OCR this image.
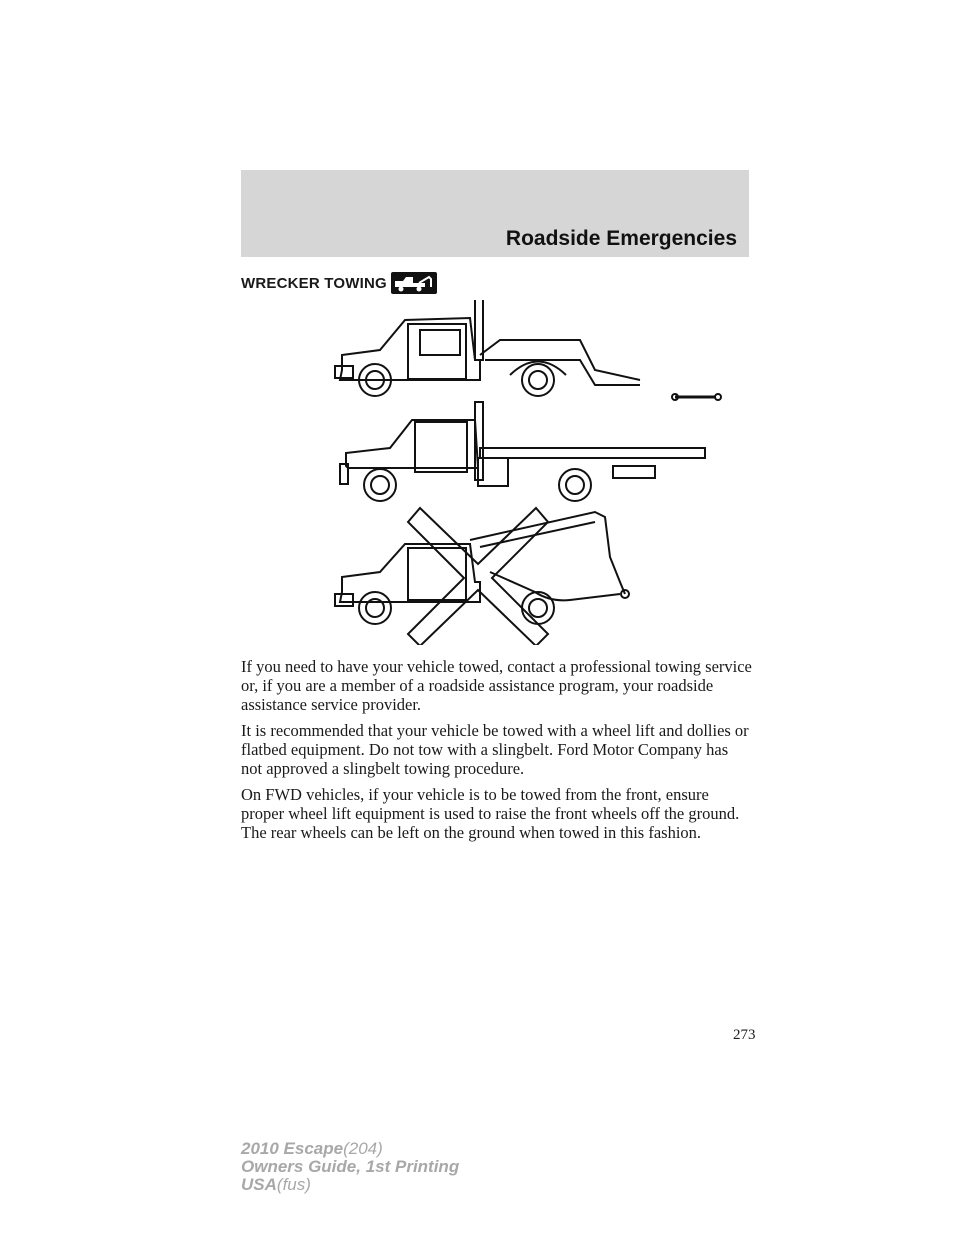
Roadside Emergencies
WRECKER TOWING

If you need to have your vehicle towed, contact a professional towing service or, if you are a member of a roadside assistance program, your roadside assistance service provider.

It is recommended that your vehicle be towed with a wheel lift and dollies or flatbed equipment. Do not tow with a slingbelt. Ford Motor Company has not approved a slingbelt towing procedure.

On FWD vehicles, if your vehicle is to be towed from the front, ensure proper wheel lift equipment is used to raise the front wheels off the ground. The rear wheels can be left on the ground when towed in this fashion.

273
2010 Escape(204)
Owners Guide, 1st Printing
USA(fus)
